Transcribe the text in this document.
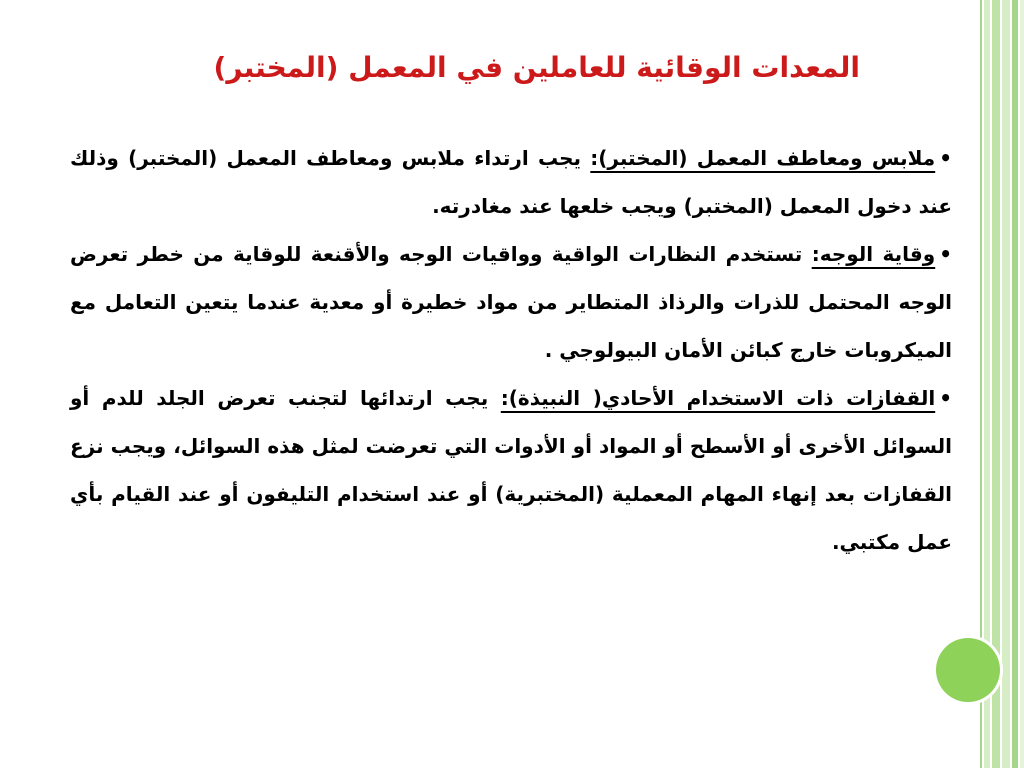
المعدات الوقائية للعاملين في المعمل (المختبر)

•ملابس ومعاطف المعمل (المختبر): يجب ارتداء ملابس ومعاطف المعمل (المختبر) وذلك عند دخول المعمل (المختبر) ويجب خلعها عند مغادرته.

•وقاية الوجه: تستخدم النظارات الواقية وواقيات الوجه والأقنعة للوقاية من خطر تعرض الوجه المحتمل للذرات والرذاذ المتطاير من مواد خطيرة أو معدية عندما يتعين التعامل مع الميكروبات خارج كبائن الأمان البيولوجي .

•القفازات ذات الاستخدام الأحادي( النبيذة): يجب ارتدائها لتجنب تعرض الجلد للدم أو السوائل الأخرى أو الأسطح أو المواد أو الأدوات التي تعرضت لمثل هذه السوائل، ويجب نزع القفازات بعد إنهاء المهام المعملية (المختبرية) أو عند استخدام التليفون أو عند القيام بأي عمل مكتبي.
